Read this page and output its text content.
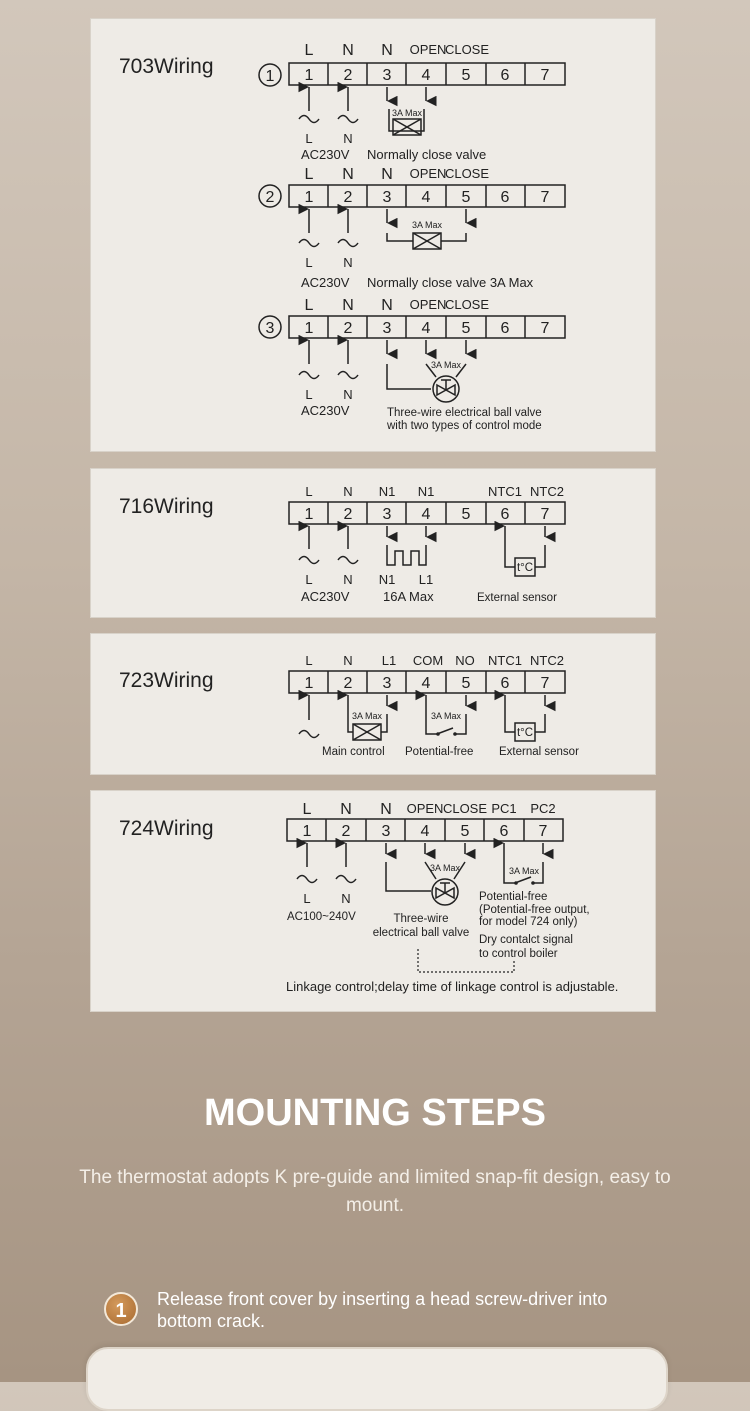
703Wiring	1
L N N OPEN
CLOSE
1 2 3 4 5 6 7
L N
AC230V
3A Max
Normally close valve
2
L N N OPEN
CLOSE
1 2 3 4 5 6 7
L N
AC230V
3A Max
Normally close valve 3A Max
3
L N N OPEN
CLOSE
1 2 3 4 5 6 7
L N
AC230V
3A Max
Three-wire electrical ball valve
with two types of control mode
716Wiring
L N N1 N1	NTC1 NTC2
1 2 3 4 5 6 7
L N
AC230V
N1 L1
16A Max
t°C
External sensor
723Wiring
L N L1 COM NO NTC1 NTC2
1 2 3 4 5 6 7
3A Max
Main control
3A Max
Potential-free
t°C
External sensor
724Wiring
L N N OPEN CLOSE PC1 PC2
1 2 3 4 5 6 7
L N
AC100~240V
3A Max
Three-wire
electrical ball valve
3A Max
Potential-free
(Potential-free output,
for model 724 only)
Dry contalct signal
to control boiler
Linkage control;delay time of linkage control is adjustable.
MOUNTING STEPS
The thermostat adopts K pre-guide and limited snap-fit design, easy to mount.
1
Release front cover by inserting a head screw-driver into bottom crack.
